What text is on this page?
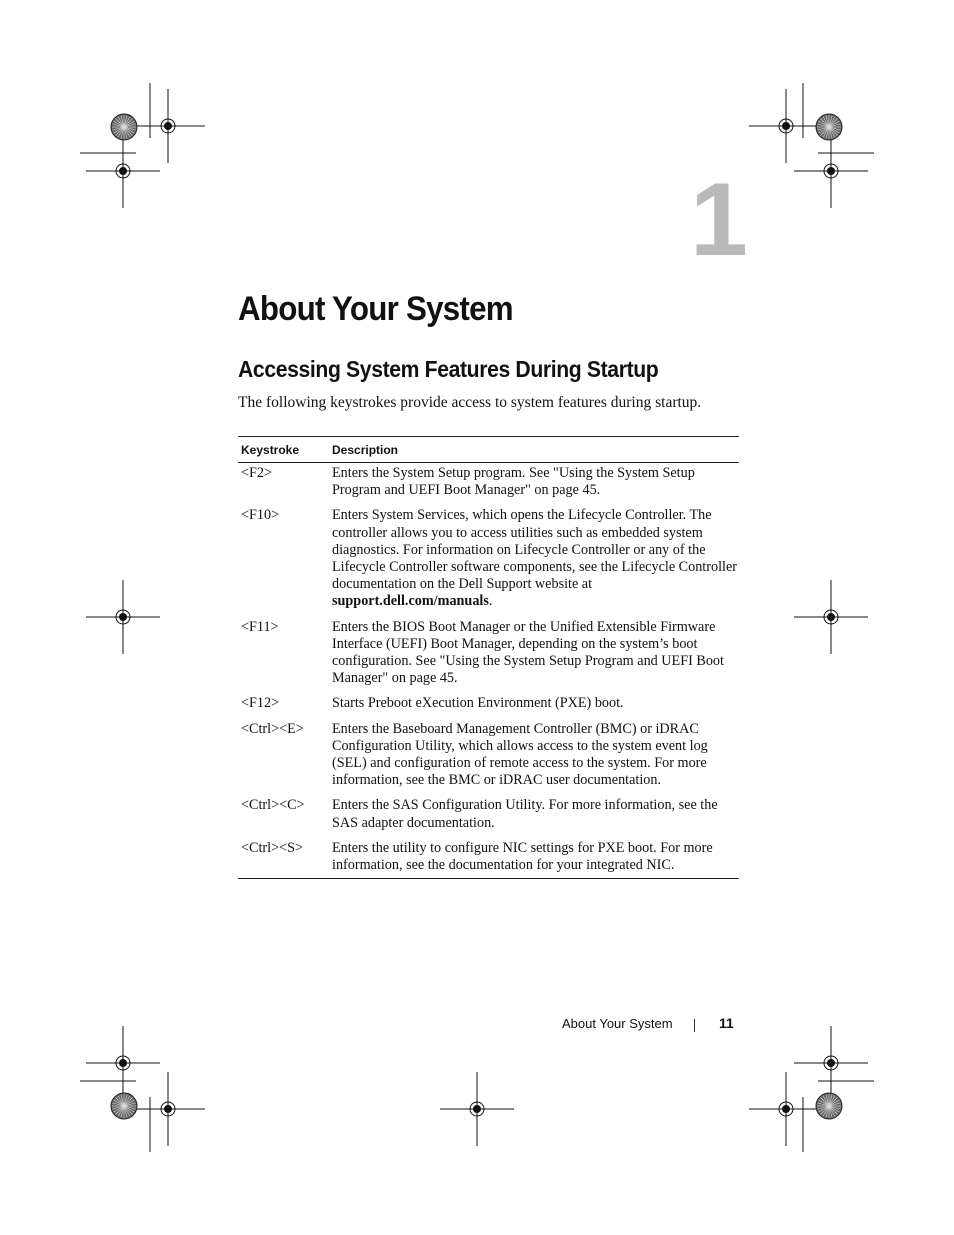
1
About Your System
Accessing System Features During Startup

The following keystrokes provide access to system features during startup.

Keystroke	Description
<F2>	Enters the System Setup program. See "Using the System Setup Program and UEFI Boot Manager" on page 45.
<F10>	Enters System Services, which opens the Lifecycle Controller. The controller allows you to access utilities such as embedded system diagnostics. For information on Lifecycle Controller or any of the Lifecycle Controller software components, see the Lifecycle Controller documentation on the Dell Support website at support.dell.com/manuals.
<F11>	Enters the BIOS Boot Manager or the Unified Extensible Firmware Interface (UEFI) Boot Manager, depending on the system’s boot configuration. See "Using the System Setup Program and UEFI Boot Manager" on page 45.
<F12>	Starts Preboot eXecution Environment (PXE) boot.
<Ctrl><E>	Enters the Baseboard Management Controller (BMC) or iDRAC Configuration Utility, which allows access to the system event log (SEL) and configuration of remote access to the system. For more information, see the BMC or iDRAC user documentation.
<Ctrl><C>	Enters the SAS Configuration Utility. For more information, see the SAS adapter documentation.
<Ctrl><S>	Enters the utility to configure NIC settings for PXE boot. For more information, see the documentation for your integrated NIC.
About Your System	11
